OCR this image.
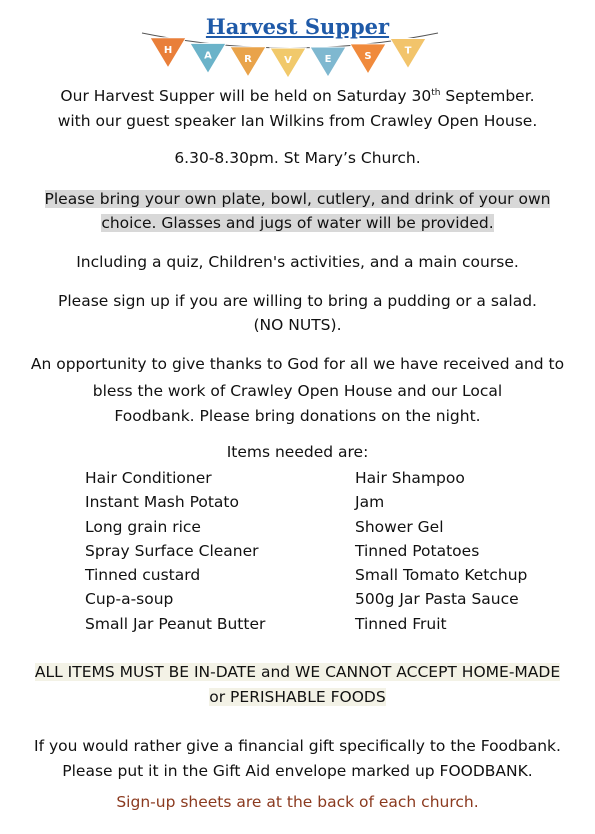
Harvest Supper
H
A	R	V	E	S	T
Our Harvest Supper will be held on Saturday 30th September.
with our guest speaker Ian Wilkins from Crawley Open House.
6.30-8.30pm. St Mary’s Church.
Please bring your own plate, bowl, cutlery, and drink of your own
choice. Glasses and jugs of water will be provided.
Including a quiz, Children's activities, and a main course.
Please sign up if you are willing to bring a pudding or a salad.
(NO NUTS).
An opportunity to give thanks to God for all we have received and to
bless the work of Crawley Open House and our Local
Foodbank. Please bring donations on the night.
Items needed are:
Hair Conditioner	Hair Shampoo
Instant Mash Potato	Jam
Long grain rice	Shower Gel
Spray Surface Cleaner	Tinned Potatoes
Tinned custard	Small Tomato Ketchup
Cup-a-soup	500g Jar Pasta Sauce
Small Jar Peanut Butter	Tinned Fruit
ALL ITEMS MUST BE IN-DATE and WE CANNOT ACCEPT HOME-MADE
or PERISHABLE FOODS
If you would rather give a financial gift specifically to the Foodbank.
Please put it in the Gift Aid envelope marked up FOODBANK.
Sign-up sheets are at the back of each church.
